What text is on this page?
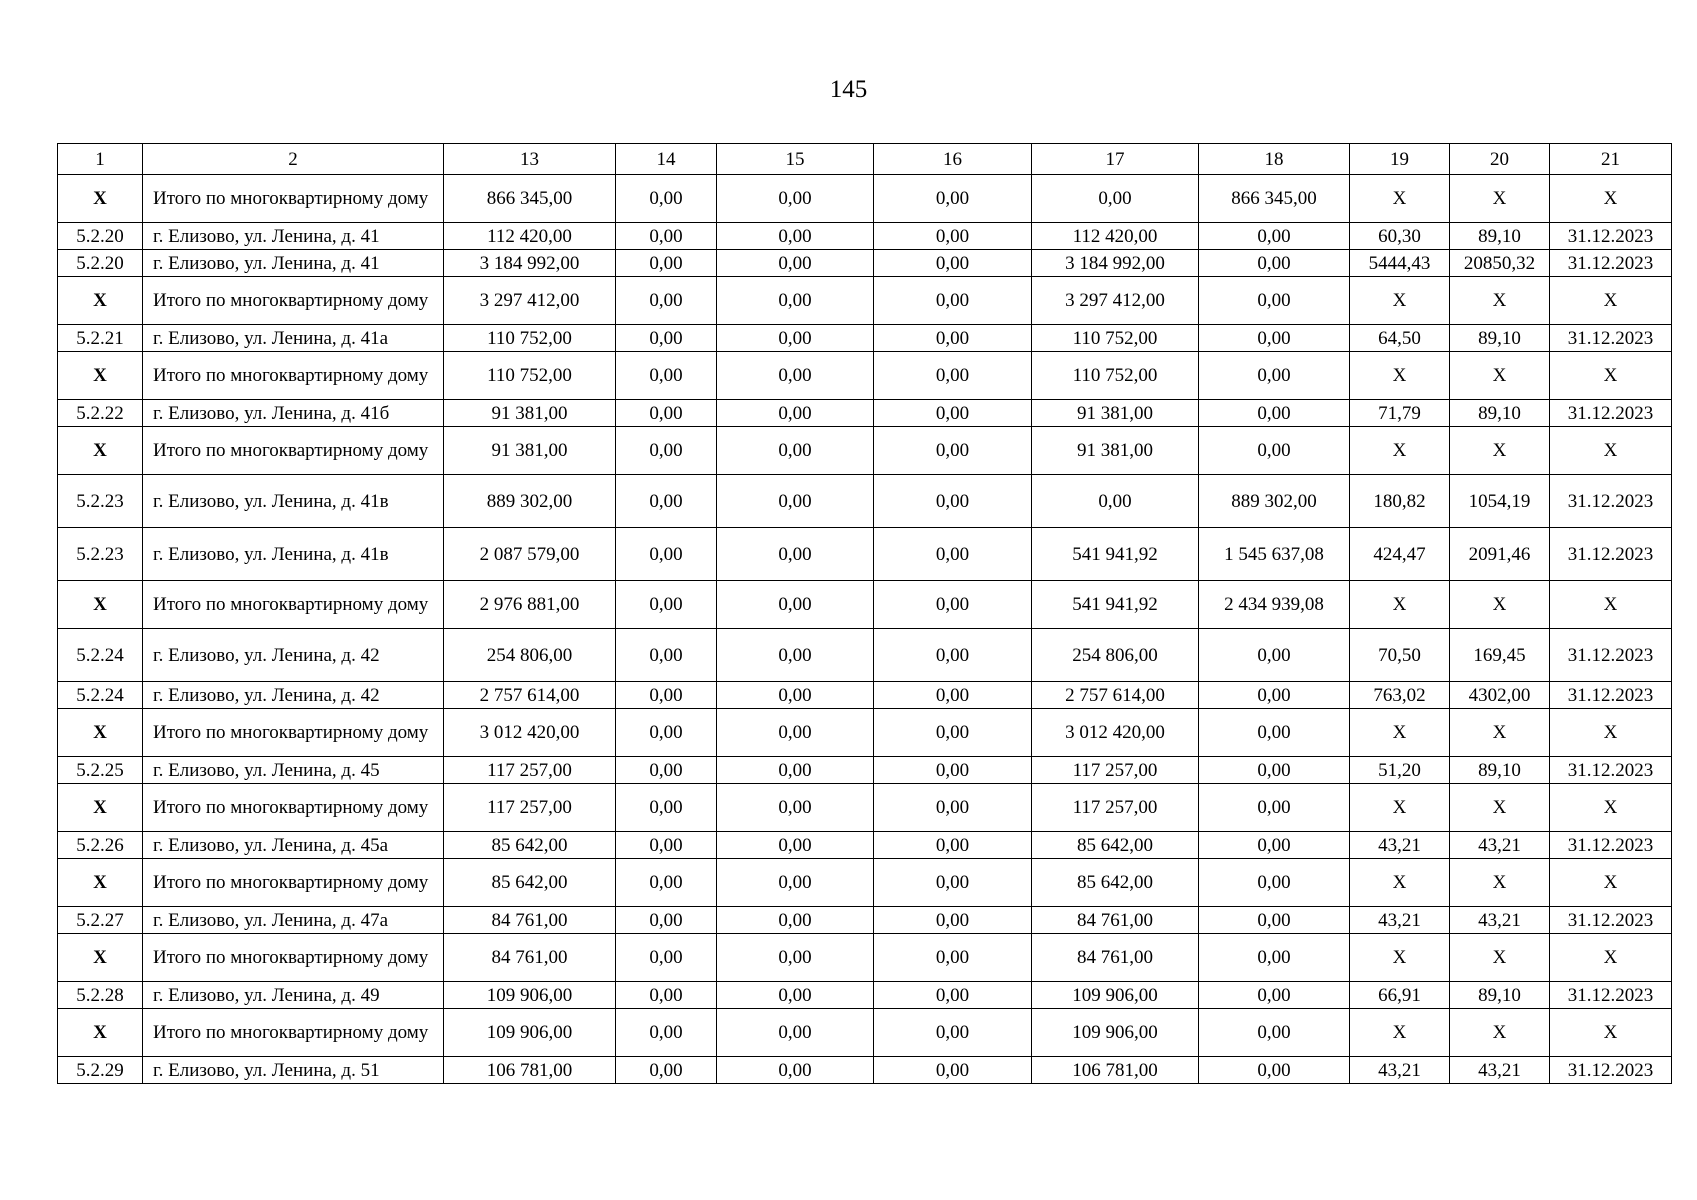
145
1	2	13	14	15	16	17	18	19	20	21
X	Итого по многоквартирному дому	866 345,00	0,00	0,00	0,00	0,00	866 345,00	X	X	X
5.2.20	г. Елизово, ул. Ленина, д. 41	112 420,00	0,00	0,00	0,00	112 420,00	0,00	60,30	89,10	31.12.2023
5.2.20	г. Елизово, ул. Ленина, д. 41	3 184 992,00	0,00	0,00	0,00	3 184 992,00	0,00	5444,43	20850,32	31.12.2023
X	Итого по многоквартирному дому	3 297 412,00	0,00	0,00	0,00	3 297 412,00	0,00	X	X	X
5.2.21	г. Елизово, ул. Ленина, д. 41а	110 752,00	0,00	0,00	0,00	110 752,00	0,00	64,50	89,10	31.12.2023
X	Итого по многоквартирному дому	110 752,00	0,00	0,00	0,00	110 752,00	0,00	X	X	X
5.2.22	г. Елизово, ул. Ленина, д. 41б	91 381,00	0,00	0,00	0,00	91 381,00	0,00	71,79	89,10	31.12.2023
X	Итого по многоквартирному дому	91 381,00	0,00	0,00	0,00	91 381,00	0,00	X	X	X
5.2.23	г. Елизово, ул. Ленина, д. 41в	889 302,00	0,00	0,00	0,00	0,00	889 302,00	180,82	1054,19	31.12.2023
5.2.23	г. Елизово, ул. Ленина, д. 41в	2 087 579,00	0,00	0,00	0,00	541 941,92	1 545 637,08	424,47	2091,46	31.12.2023
X	Итого по многоквартирному дому	2 976 881,00	0,00	0,00	0,00	541 941,92	2 434 939,08	X	X	X
5.2.24	г. Елизово, ул. Ленина, д. 42	254 806,00	0,00	0,00	0,00	254 806,00	0,00	70,50	169,45	31.12.2023
5.2.24	г. Елизово, ул. Ленина, д. 42	2 757 614,00	0,00	0,00	0,00	2 757 614,00	0,00	763,02	4302,00	31.12.2023
X	Итого по многоквартирному дому	3 012 420,00	0,00	0,00	0,00	3 012 420,00	0,00	X	X	X
5.2.25	г. Елизово, ул. Ленина, д. 45	117 257,00	0,00	0,00	0,00	117 257,00	0,00	51,20	89,10	31.12.2023
X	Итого по многоквартирному дому	117 257,00	0,00	0,00	0,00	117 257,00	0,00	X	X	X
5.2.26	г. Елизово, ул. Ленина, д. 45а	85 642,00	0,00	0,00	0,00	85 642,00	0,00	43,21	43,21	31.12.2023
X	Итого по многоквартирному дому	85 642,00	0,00	0,00	0,00	85 642,00	0,00	X	X	X
5.2.27	г. Елизово, ул. Ленина, д. 47а	84 761,00	0,00	0,00	0,00	84 761,00	0,00	43,21	43,21	31.12.2023
X	Итого по многоквартирному дому	84 761,00	0,00	0,00	0,00	84 761,00	0,00	X	X	X
5.2.28	г. Елизово, ул. Ленина, д. 49	109 906,00	0,00	0,00	0,00	109 906,00	0,00	66,91	89,10	31.12.2023
X	Итого по многоквартирному дому	109 906,00	0,00	0,00	0,00	109 906,00	0,00	X	X	X
5.2.29	г. Елизово, ул. Ленина, д. 51	106 781,00	0,00	0,00	0,00	106 781,00	0,00	43,21	43,21	31.12.2023
